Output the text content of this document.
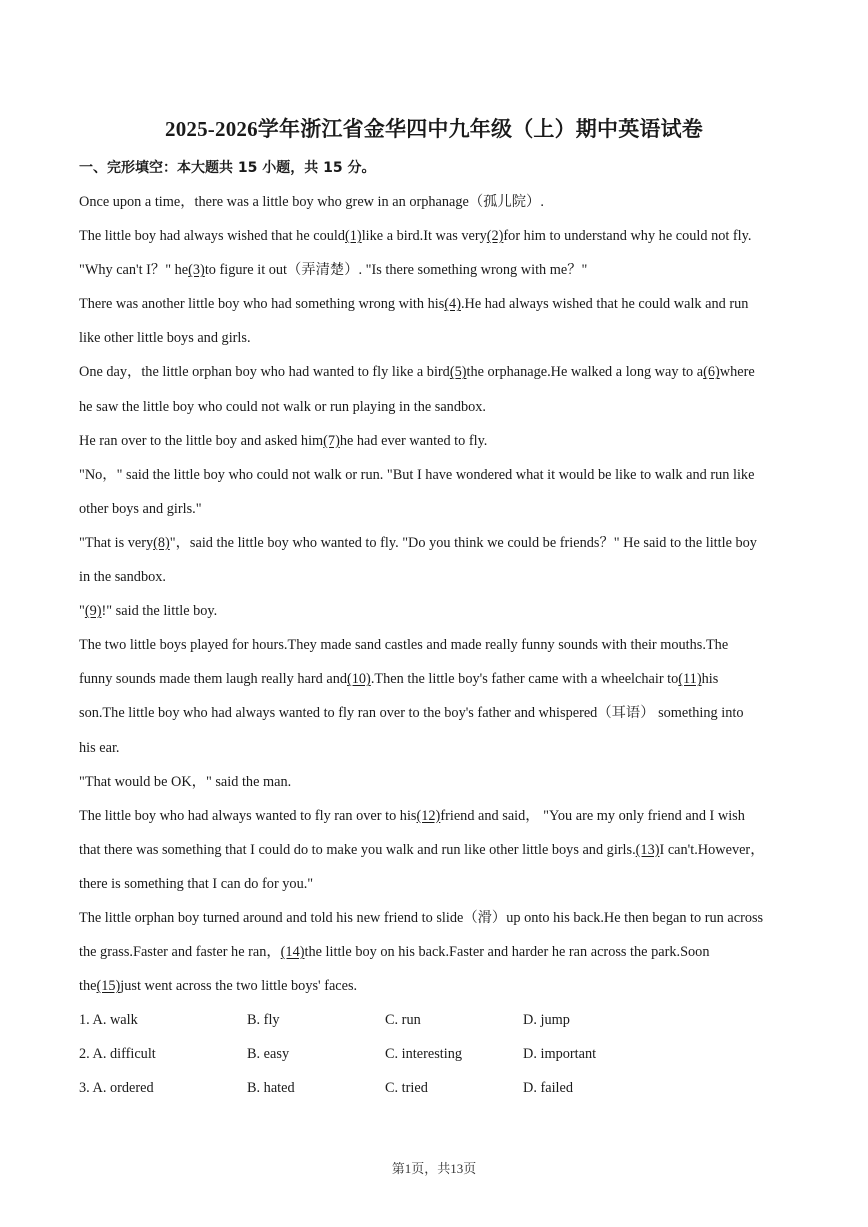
2025-2026学年浙江省金华四中九年级（上）期中英语试卷
一、完形填空：本大题共 15 小题，共 15 分。

Once upon a time，there was a little boy who grew in an orphanage（孤儿院）.

The little boy had always wished that he could(1)like a bird.It was very(2)for him to understand why he could not fly.

"Why can't I？" he(3)to figure it out（弄清楚）. "Is there something wrong with me？"

There was another little boy who had something wrong with his(4).He had always wished that he could walk and run

like other little boys and girls.

One day，the little orphan boy who had wanted to fly like a bird(5)the orphanage.He walked a long way to a(6)where

he saw the little boy who could not walk or run playing in the sandbox.

He ran over to the little boy and asked him(7)he had ever wanted to fly.

"No，" said the little boy who could not walk or run. "But I have wondered what it would be like to walk and run like

other boys and girls."

"That is very(8)"，said the little boy who wanted to fly. "Do you think we could be friends？" He said to the little boy

in the sandbox.

"(9)!" said the little boy.

The two little boys played for hours.They made sand castles and made really funny sounds with their mouths.The

funny sounds made them laugh really hard and(10).Then the little boy's father came with a wheelchair to(11)his

son.The little boy who had always wanted to fly ran over to the boy's father and whispered（耳语） something into

his ear.

"That would be OK，" said the man.

The little boy who had always wanted to fly ran over to his(12)friend and said， "You are my only friend and I wish

that there was something that I could do to make you walk and run like other little boys and girls.(13)I can't.However，

there is something that I can do for you."

The little orphan boy turned around and told his new friend to slide（滑）up onto his back.He then began to run across

the grass.Faster and faster he ran，(14)the little boy on his back.Faster and harder he ran across the park.Soon

the(15)just went across the two little boys' faces.

1. A. walk	B. fly	C. run	D. jump
2. A. difficult	B. easy	C. interesting	D. important
3. A. ordered	B. hated	C. tried	D. failed
第1页，共13页
